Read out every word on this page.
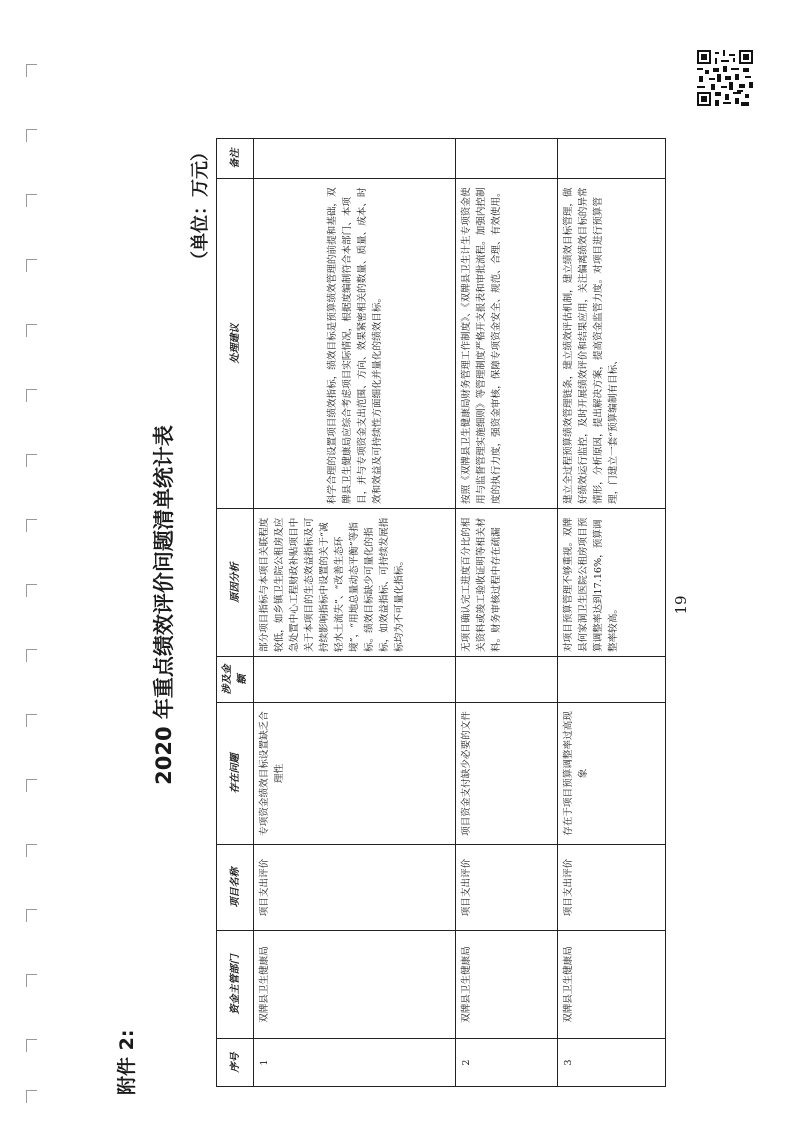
附件 2:
2020 年重点绩效评价问题清单统计表
（单位：万元）
序号	资金主管部门	项目名称	存在问题	涉及金额	原因分析	处理建议	备注
1	双牌县卫生健康局	项目支出评价	专项资金绩效目标设置缺乏合理性		部分项目指标与本项目关联程度较低，如乡镇卫生院公租房及应急处置中心工程财政补贴项目中关于本项目的生态效益指标及可持续影响指标中设置的关于“减轻水土流失”、“改善生态环境”，“用地总量动态平衡”等指标。绩效目标缺少可量化的指标，如效益指标、可持续发展指标均为不可量化指标。	科学合理的设置项目绩效指标，绩效目标是预算绩效管理的前提和基础，双牌县卫生健康局应综合考虑项目实际情况，根据度编制符合本部门、本项目，并与专项资金支出范围、方向、效果紧密相关的数量、质量、成本、时效和效益及可持续性方面细化并量化的绩效目标。	
2	双牌县卫生健康局	项目支出评价	项目资金支付缺少必要的文件		无项目确认完工进度百分比的相关资料或竣工验收证明等相关材料。财务审核过程中存在疏漏	按照《双牌县卫生健康局财务管理工作制度》、《双牌县卫生计生专项资金使用与监督管理实施细则》等管理制度严格开支报表和审批流程。加强内控制度的执行力度，强资金审核，保障专项资金安全、规范、合理、有效使用。	
3	双牌县卫生健康局	项目支出评价	存在于项目预算调整率过高现象		对项目预算管理不够重视。双牌县何家洞卫生医院公租房项目预算调整率达到17.16%，预算调整率较高。	建立全过程预算绩效管理链条，建立绩效评估机制，建立绩效目标管理，做好绩效运行监控，及时开展绩效评价和结果应用，关注偏离绩效目标的异常情形，分析原因，提出解决方案，提高资金监管力度。对项目进行预算管理，门建立一套“预算编制有目标、	
19
